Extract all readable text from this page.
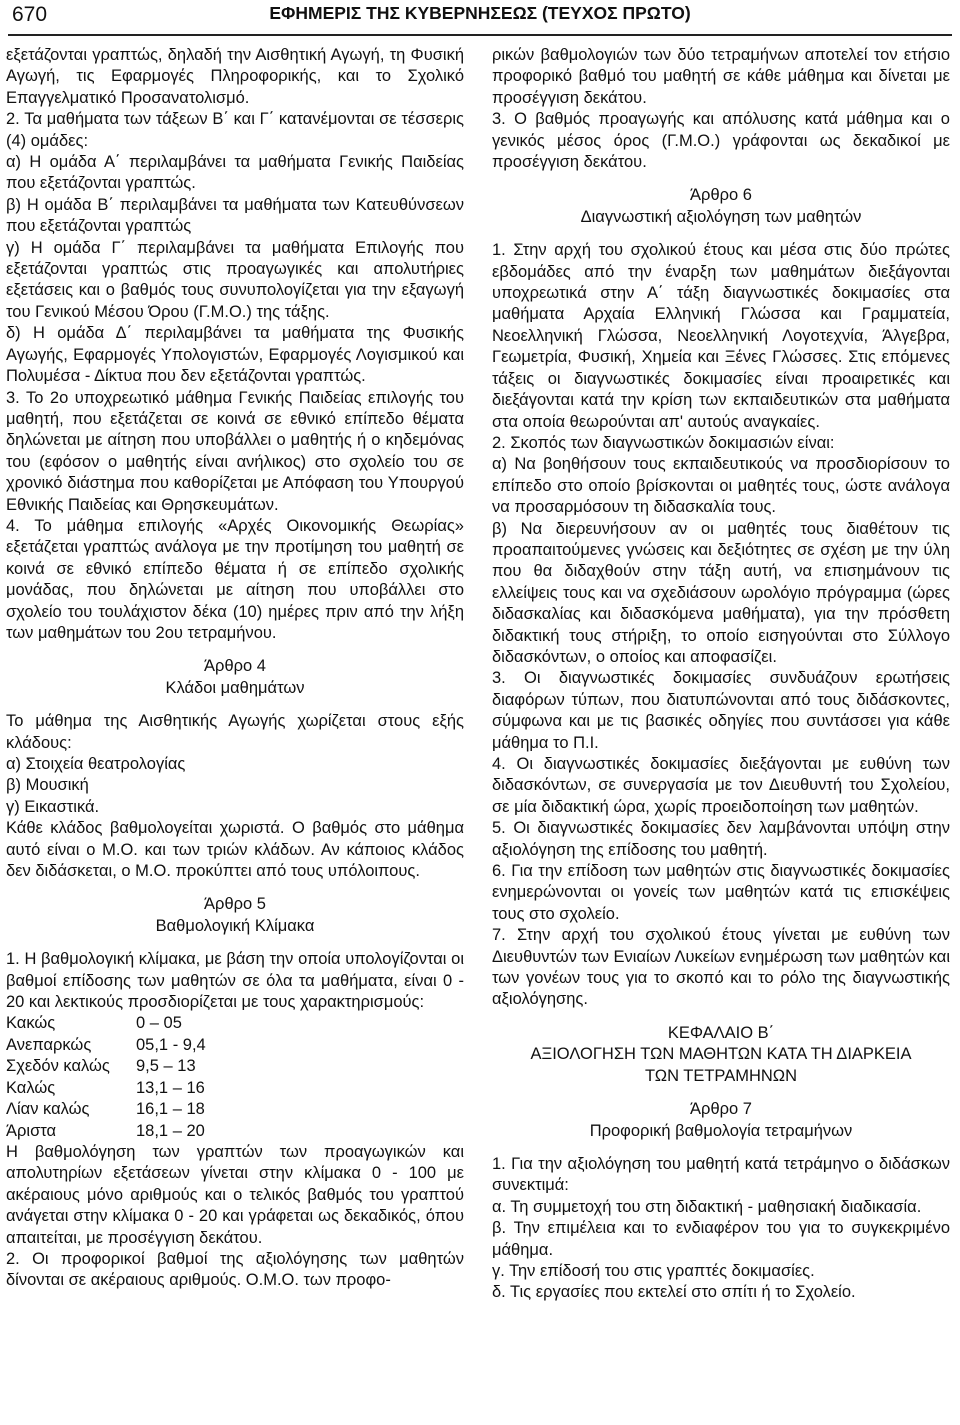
670	ΕΦΗΜΕΡΙΣ ΤΗΣ ΚΥΒΕΡΝΗΣΕΩΣ (ΤΕΥΧΟΣ ΠΡΩΤΟ)

εξετάζονται γραπτώς, δηλαδή την Αισθητική Αγωγή, τη Φυσική Αγωγή, τις Εφαρμογές Πληροφορικής, και το Σχολικό Επαγγελματικό Προσανατολισμό.

2. Τα μαθήματα των τάξεων Β΄ και Γ΄ κατανέμονται σε τέσσερις (4) ομάδες:

α) Η ομάδα Α΄ περιλαμβάνει τα μαθήματα Γενικής Παιδείας που εξετάζονται γραπτώς.

β) Η ομάδα Β΄ περιλαμβάνει τα μαθήματα των Κατευθύνσεων που εξετάζονται γραπτώς

γ) Η ομάδα Γ΄ περιλαμβάνει τα μαθήματα Επιλογής που εξετάζονται γραπτώς στις προαγωγικές και απολυτήριες εξετάσεις και ο βαθμός τους συνυπολογίζεται για την εξαγωγή του Γενικού Μέσου Όρου (Γ.Μ.Ο.) της τάξης.

δ) Η ομάδα Δ΄ περιλαμβάνει τα μαθήματα της Φυσικής Αγωγής, Εφαρμογές Υπολογιστών, Εφαρμογές Λογισμικού και Πολυμέσα - Δίκτυα που δεν εξετάζονται γραπτώς.

3. Το 2ο υποχρεωτικό μάθημα Γενικής Παιδείας επιλογής του μαθητή, που εξετάζεται σε κοινά σε εθνικό επίπεδο θέματα δηλώνεται με αίτηση που υποβάλλει ο μαθητής ή ο κηδεμόνας του (εφόσον ο μαθητής είναι ανήλικος) στο σχολείο του σε χρονικό διάστημα που καθορίζεται με Απόφαση του Υπουργού Εθνικής Παιδείας και Θρησκευμάτων.

4. Το μάθημα επιλογής «Αρχές Οικονομικής Θεωρίας» εξετάζεται γραπτώς ανάλογα με την προτίμηση του μαθητή σε κοινά σε εθνικό επίπεδο θέματα ή σε επίπεδο σχολικής μονάδας, που δηλώνεται με αίτηση που υποβάλλει στο σχολείο του τουλάχιστον δέκα (10) ημέρες πριν από την λήξη των μαθημάτων του 2ου τετραμήνου.

Άρθρο 4

Κλάδοι μαθημάτων

Το μάθημα της Αισθητικής Αγωγής χωρίζεται στους εξής κλάδους:

α) Στοιχεία θεατρολογίας

β) Μουσική

γ) Εικαστικά.

Κάθε κλάδος βαθμολογείται χωριστά. Ο βαθμός στο μάθημα αυτό είναι ο Μ.Ο. και των τριών κλάδων. Αν κάποιος κλάδος δεν διδάσκεται, ο Μ.Ο. προκύπτει από τους υπόλοιπους.

Άρθρο 5

Βαθμολογική Κλίμακα

1. Η βαθμολογική κλίμακα, με βάση την οποία υπολογίζονται οι βαθμοί επίδοσης των μαθητών σε όλα τα μαθήματα, είναι 0 - 20 και λεκτικούς προσδιορίζεται με τους χαρακτηρισμούς:

Κακώς	0 – 05
Ανεπαρκώς	05,1 - 9,4
Σχεδόν καλώς	9,5 – 13
Καλώς	13,1 – 16
Λίαν καλώς	16,1 – 18
Άριστα	18,1 – 20

Η βαθμολόγηση των γραπτών των προαγωγικών και απολυτηρίων εξετάσεων γίνεται στην κλίμακα 0 - 100 με ακέραιους μόνο αριθμούς και ο τελικός βαθμός του γραπτού ανάγεται στην κλίμακα 0 - 20 και γράφεται ως δεκαδικός, όπου απαιτείται, με προσέγγιση δεκάτου.

2. Οι προφορικοί βαθμοί της αξιολόγησης των μαθητών δίνονται σε ακέραιους αριθμούς. Ο.Μ.Ο. των προφο-

ρικών βαθμολογιών των δύο τετραμήνων αποτελεί τον ετήσιο προφορικό βαθμό του μαθητή σε κάθε μάθημα και δίνεται με προσέγγιση δεκάτου.

3. Ο βαθμός προαγωγής και απόλυσης κατά μάθημα και ο γενικός μέσος όρος (Γ.Μ.Ο.) γράφονται ως δεκαδικοί με προσέγγιση δεκάτου.

Άρθρο 6

Διαγνωστική αξιολόγηση των μαθητών

1. Στην αρχή του σχολικού έτους και μέσα στις δύο πρώτες εβδομάδες από την έναρξη των μαθημάτων διεξάγονται υποχρεωτικά στην Α΄ τάξη διαγνωστικές δοκιμασίες στα μαθήματα Αρχαία Ελληνική Γλώσσα και Γραμματεία, Νεοελληνική Γλώσσα, Νεοελληνική Λογοτεχνία, Άλγεβρα, Γεωμετρία, Φυσική, Χημεία και Ξένες Γλώσσες. Στις επόμενες τάξεις οι διαγνωστικές δοκιμασίες είναι προαιρετικές και διεξάγονται κατά την κρίση των εκπαιδευτικών στα μαθήματα στα οποία θεωρούνται απ' αυτούς αναγκαίες.

2. Σκοπός των διαγνωστικών δοκιμασιών είναι:

α) Να βοηθήσουν τους εκπαιδευτικούς να προσδιορίσουν το επίπεδο στο οποίο βρίσκονται οι μαθητές τους, ώστε ανάλογα να προσαρμόσουν τη διδασκαλία τους.

β) Να διερευνήσουν αν οι μαθητές τους διαθέτουν τις προαπαιτούμενες γνώσεις και δεξιότητες σε σχέση με την ύλη που θα διδαχθούν στην τάξη αυτή, να επισημάνουν τις ελλείψεις τους και να σχεδιάσουν ωρολόγιο πρόγραμμα (ώρες διδασκαλίας και διδασκόμενα μαθήματα), για την πρόσθετη διδακτική τους στήριξη, το οποίο εισηγούνται στο Σύλλογο διδασκόντων, ο οποίος και αποφασίζει.

3. Οι διαγνωστικές δοκιμασίες συνδυάζουν ερωτήσεις διαφόρων τύπων, που διατυπώνονται από τους διδάσκοντες, σύμφωνα και με τις βασικές οδηγίες που συντάσσει για κάθε μάθημα το Π.Ι.

4. Οι διαγνωστικές δοκιμασίες διεξάγονται με ευθύνη των διδασκόντων, σε συνεργασία με τον Διευθυντή του Σχολείου, σε μία διδακτική ώρα, χωρίς προειδοποίηση των μαθητών.

5. Οι διαγνωστικές δοκιμασίες δεν λαμβάνονται υπόψη στην αξιολόγηση της επίδοσης του μαθητή.

6. Για την επίδοση των μαθητών στις διαγνωστικές δοκιμασίες ενημερώνονται οι γονείς των μαθητών κατά τις επισκέψεις τους στο σχολείο.

7. Στην αρχή του σχολικού έτους γίνεται με ευθύνη των Διευθυντών των Ενιαίων Λυκείων ενημέρωση των μαθητών και των γονέων τους για το σκοπό και το ρόλο της διαγνωστικής αξιολόγησης.

ΚΕΦΑΛΑΙΟ Β΄

ΑΞΙΟΛΟΓΗΣΗ ΤΩΝ ΜΑΘΗΤΩΝ ΚΑΤΑ ΤΗ ΔΙΑΡΚΕΙΑ

ΤΩΝ ΤΕΤΡΑΜΗΝΩΝ

Άρθρο 7

Προφορική βαθμολογία τετραμήνων

1. Για την αξιολόγηση του μαθητή κατά τετράμηνο ο διδάσκων συνεκτιμά:

α. Τη συμμετοχή του στη διδακτική - μαθησιακή διαδικασία.

β. Την επιμέλεια και το ενδιαφέρον του για το συγκεκριμένο μάθημα.

γ. Την επίδοσή του στις γραπτές δοκιμασίες.

δ. Τις εργασίες που εκτελεί στο σπίτι ή το Σχολείο.
